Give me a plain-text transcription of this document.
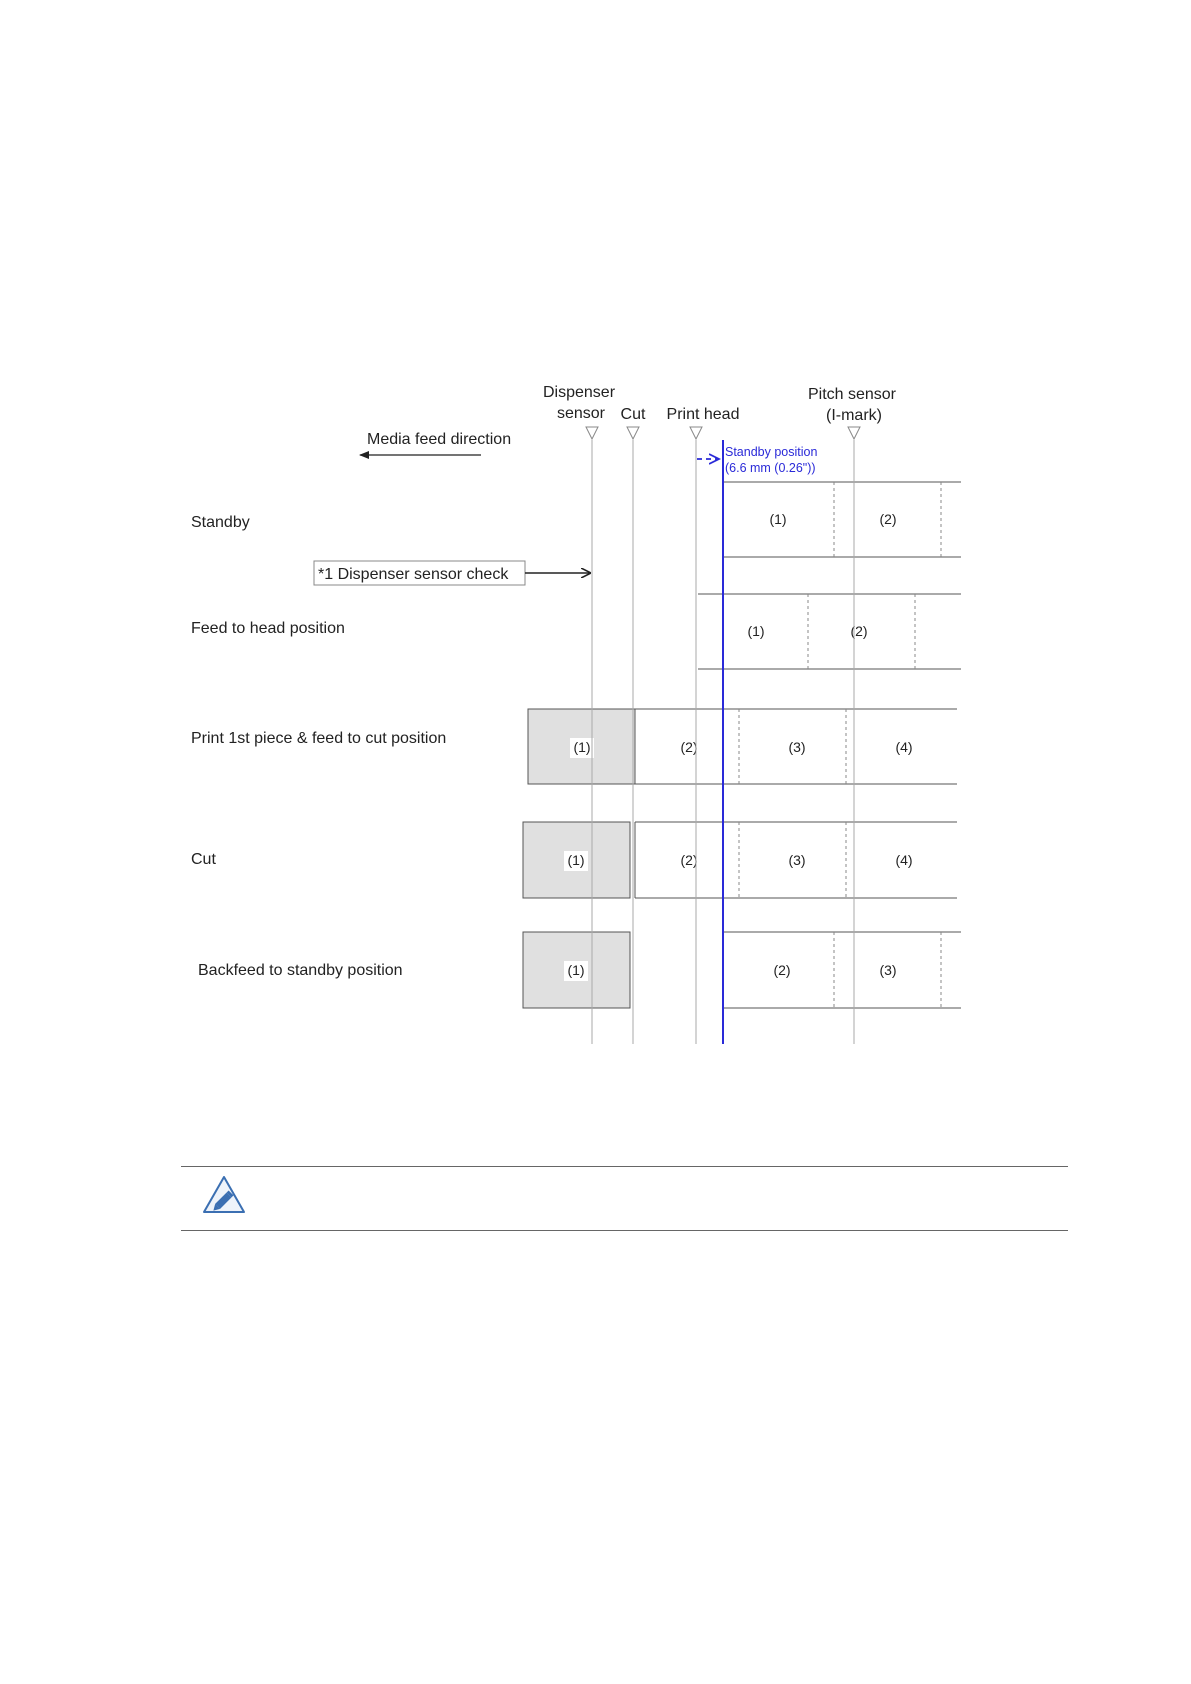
Dispenser
sensor Cut Print head
Pitch sensor
(I-mark)
Media feed direction
Standby position
(6.6 mm (0.26"))
Standby
Feed to head position
Print 1st piece & feed to cut position
Cut
Backfeed to standby position
*1 Dispenser sensor check
(1)	(2)
(1)	(2)
(1)	(2)	(3)	(4)
(1)	(2)	(3)	(4)
(1)	(2)	(3)
